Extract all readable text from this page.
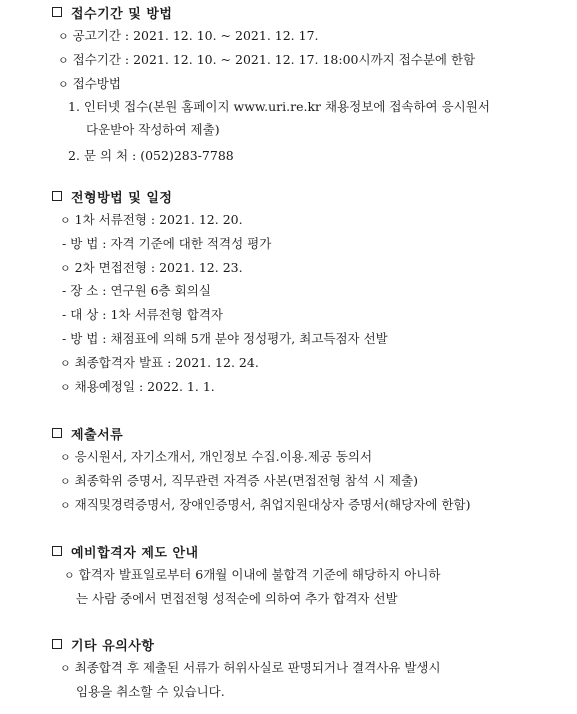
접수기간 및 방법
ㅇ 공고기간 : 2021. 12. 10. ~ 2021. 12. 17.
ㅇ 접수기간 : 2021. 12. 10. ~ 2021. 12. 17. 18:00시까지 접수분에 한함
ㅇ 접수방법
1. 인터넷 접수(본원 홈페이지 www.uri.re.kr 채용정보에 접속하여 응시원서
다운받아 작성하여 제출)
2. 문 의 처 : (052)283-7788
전형방법 및 일정
ㅇ 1차 서류전형 : 2021. 12. 20.
- 방 법 : 자격 기준에 대한 적격성 평가
ㅇ 2차 면접전형 : 2021. 12. 23.
- 장 소 : 연구원 6층 회의실
- 대 상 : 1차 서류전형 합격자
- 방 법 : 채점표에 의해 5개 분야 정성평가, 최고득점자 선발
ㅇ 최종합격자 발표 : 2021. 12. 24.
ㅇ 채용예정일 : 2022. 1. 1.
제출서류
ㅇ 응시원서, 자기소개서, 개인정보 수집.이용.제공 동의서
ㅇ 최종학위 증명서, 직무관련 자격증 사본(면접전형 참석 시 제출)
ㅇ 재직및경력증명서, 장애인증명서, 취업지원대상자 증명서(해당자에 한함)
예비합격자 제도 안내
ㅇ 합격자 발표일로부터 6개월 이내에 불합격 기준에 해당하지 아니하
는 사람 중에서 면접전형 성적순에 의하여 추가 합격자 선발
기타 유의사항
ㅇ 최종합격 후 제출된 서류가 허위사실로 판명되거나 결격사유 발생시
임용을 취소할 수 있습니다.
